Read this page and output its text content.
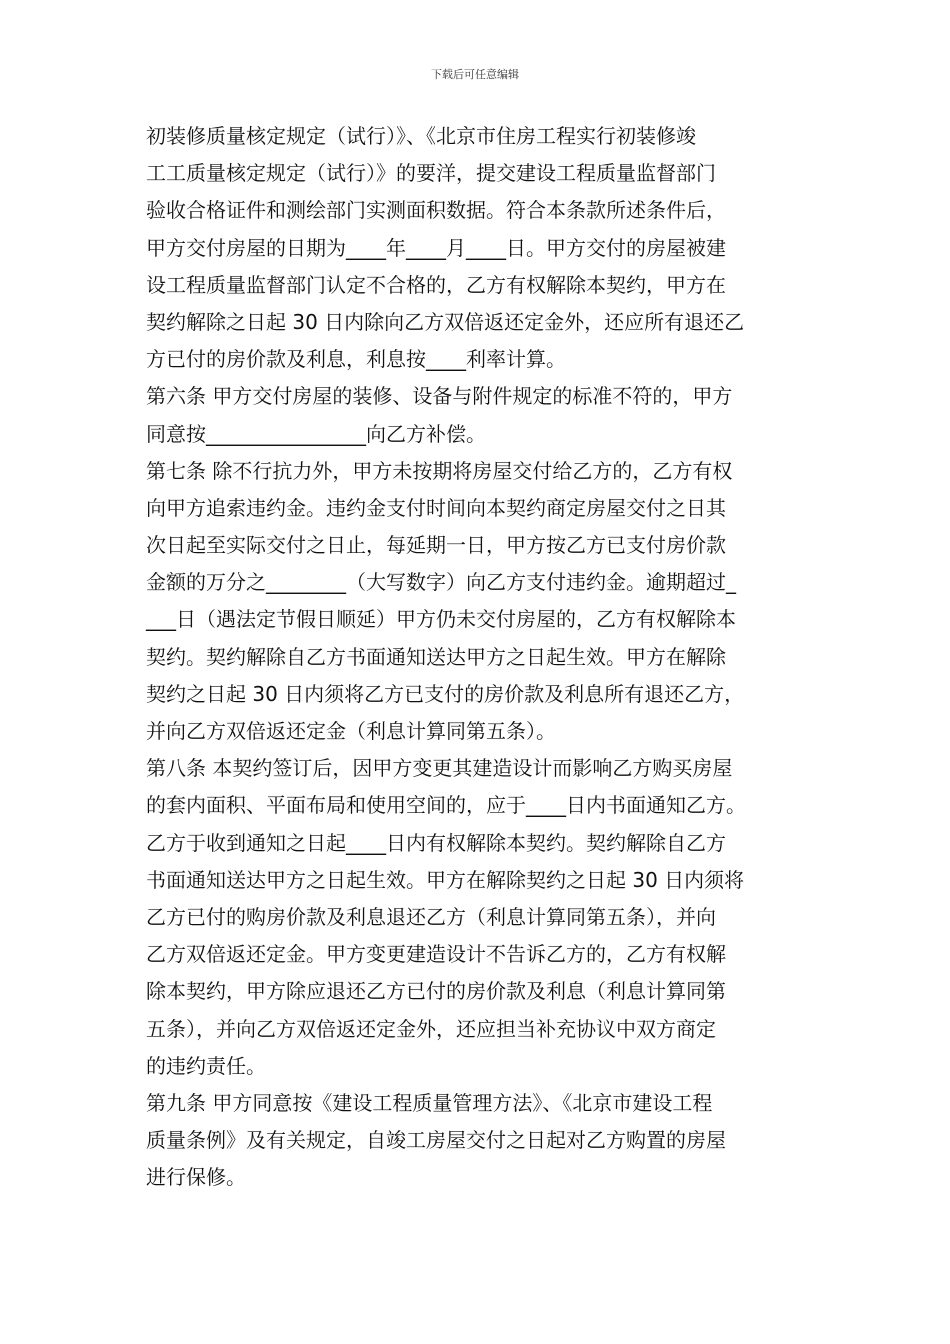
下载后可任意编辑
初装修质量核定规定（试行）》、《北京市住房工程实行初装修竣
工工质量核定规定（试行）》的要洋，提交建设工程质量监督部门
验收合格证件和测绘部门实测面积数据。符合本条款所述条件后，
甲方交付房屋的日期为____年____月____日。甲方交付的房屋被建
设工程质量监督部门认定不合格的，乙方有权解除本契约，甲方在
契约解除之日起 30 日内除向乙方双倍返还定金外，还应所有退还乙
方已付的房价款及利息，利息按____利率计算。
第六条 甲方交付房屋的装修、设备与附件规定的标准不符的，甲方
同意按________________向乙方补偿。
第七条 除不行抗力外，甲方未按期将房屋交付给乙方的，乙方有权
向甲方追索违约金。违约金支付时间向本契约商定房屋交付之日其
次日起至实际交付之日止，每延期一日，甲方按乙方已支付房价款
金额的万分之________（大写数字）向乙方支付违约金。逾期超过_
___日（遇法定节假日顺延）甲方仍未交付房屋的，乙方有权解除本
契约。契约解除自乙方书面通知送达甲方之日起生效。甲方在解除
契约之日起 30 日内须将乙方已支付的房价款及利息所有退还乙方，
并向乙方双倍返还定金（利息计算同第五条）。
第八条 本契约签订后，因甲方变更其建造设计而影响乙方购买房屋
的套内面积、平面布局和使用空间的，应于____日内书面通知乙方。
乙方于收到通知之日起____日内有权解除本契约。契约解除自乙方
书面通知送达甲方之日起生效。甲方在解除契约之日起 30 日内须将
乙方已付的购房价款及利息退还乙方（利息计算同第五条），并向
乙方双倍返还定金。甲方变更建造设计不告诉乙方的，乙方有权解
除本契约，甲方除应退还乙方已付的房价款及利息（利息计算同第
五条），并向乙方双倍返还定金外，还应担当补充协议中双方商定
的违约责任。
第九条 甲方同意按《建设工程质量管理方法》、《北京市建设工程
质量条例》及有关规定，自竣工房屋交付之日起对乙方购置的房屋
进行保修。
